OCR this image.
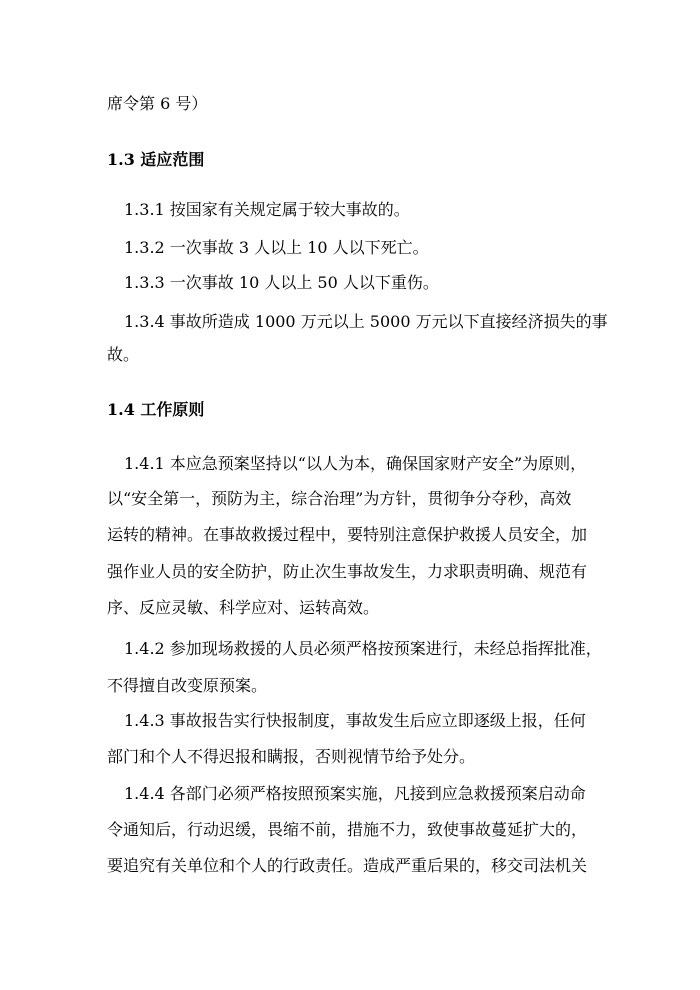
席令第 6 号）
1.3 适应范围
1.3.1 按国家有关规定属于较大事故的。
1.3.2 一次事故 3 人以上 10 人以下死亡。
1.3.3 一次事故 10 人以上 50 人以下重伤。
1.3.4 事故所造成 1000 万元以上 5000 万元以下直接经济损失的事
故。
1.4 工作原则
1.4.1 本应急预案坚持以“以人为本，确保国家财产安全”为原则，
以“安全第一，预防为主，综合治理”为方针，贯彻争分夺秒，高效
运转的精神。在事故救援过程中，要特别注意保护救援人员安全，加
强作业人员的安全防护，防止次生事故发生，力求职责明确、规范有
序、反应灵敏、科学应对、运转高效。
1.4.2 参加现场救援的人员必须严格按预案进行，未经总指挥批准，
不得擅自改变原预案。
1.4.3 事故报告实行快报制度，事故发生后应立即逐级上报，任何
部门和个人不得迟报和瞒报，否则视情节给予处分。
1.4.4 各部门必须严格按照预案实施，凡接到应急救援预案启动命
令通知后，行动迟缓，畏缩不前，措施不力，致使事故蔓延扩大的，
要追究有关单位和个人的行政责任。造成严重后果的，移交司法机关
